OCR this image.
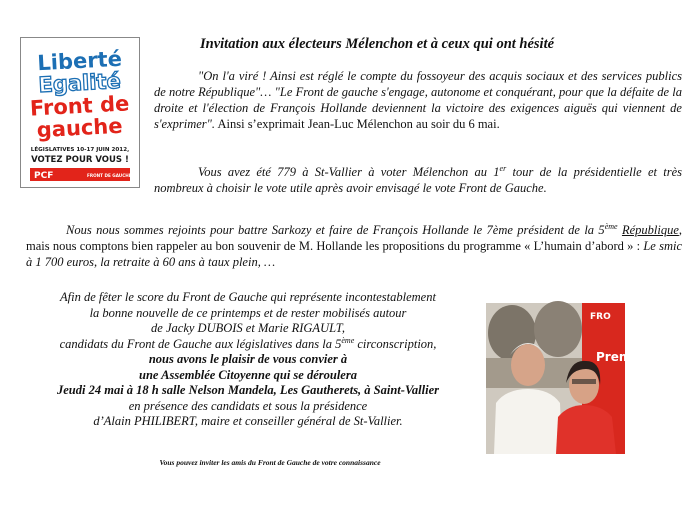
Liberté
Egalité
Front de
gauche
LÉGISLATIVES 10-17 JUIN 2012,
VOTEZ POUR VOUS !
PCF	FRONT DE GAUCHE
Invitation aux électeurs Mélenchon et à ceux qui ont hésité

"On l'a viré ! Ainsi est réglé le compte du fossoyeur des acquis sociaux et des services publics de notre République"… "Le Front de gauche s'engage, autonome et conquérant, pour que la défaite de la droite et l'élection de François Hollande deviennent la victoire des exigences aiguës qui viennent de s'exprimer". Ainsi s’exprimait Jean-Luc Mélenchon au soir du 6 mai.

Vous avez été 779 à St-Vallier à voter Mélenchon au 1er tour de la présidentielle et très nombreux à choisir le vote utile après avoir envisagé le vote Front de Gauche.

Nous nous sommes rejoints pour battre Sarkozy et faire de François Hollande le 7ème président de la 5ème République, mais nous comptons bien rappeler au bon souvenir de M. Hollande les propositions du programme « L’humain d’abord » : Le smic à 1 700 euros, la retraite à 60 ans à taux plein, …

Afin de fêter le score du Front de Gauche qui représente incontestablement
la bonne nouvelle de ce printemps et de rester mobilisés autour
de Jacky DUBOIS et Marie RIGAULT,
candidats du Front de Gauche aux législatives dans la 5ème circonscription,
nous avons le plaisir de vous convier à
une Assemblée Citoyenne qui se déroulera
Jeudi 24 mai à 18 h salle Nelson Mandela, Les Gautherets, à Saint-Vallier
en présence des candidats et sous la présidence
d’Alain PHILIBERT, maire et conseiller général de St-Vallier.
Vous pouvez inviter les amis du Front de Gauche de votre connaissance
FRO
Prem
